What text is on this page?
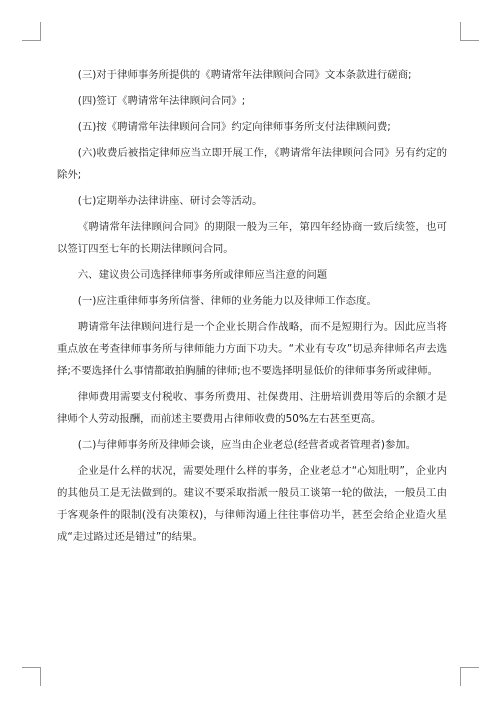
(三)对于律师事务所提供的《聘请常年法律顾问合同》文本条款进行磋商;

(四)签订《聘请常年法律顾问合同》;

(五)按《聘请常年法律顾问合同》约定向律师事务所支付法律顾问费;

(六)收费后被指定律师应当立即开展工作，《聘请常年法律顾问合同》另有约定的除外;

(七)定期举办法律讲座、研讨会等活动。

《聘请常年法律顾问合同》的期限一般为三年，第四年经协商一致后续签，也可以签订四至七年的长期法律顾问合同。

六、建议贵公司选择律师事务所或律师应当注意的问题

(一)应注重律师事务所信誉、律师的业务能力以及律师工作态度。

聘请常年法律顾问进行是一个企业长期合作战略，而不是短期行为。因此应当将重点放在考查律师事务所与律师能力方面下功夫。“术业有专攻”切忌奔律师名声去选择;不要选择什么事情都敢拍胸脯的律师;也不要选择明显低价的律师事务所或律师。

律师费用需要支付税收、事务所费用、社保费用、注册培训费用等后的余额才是律师个人劳动报酬，而前述主要费用占律师收费的50%左右甚至更高。

(二)与律师事务所及律师会谈，应当由企业老总(经营者或者管理者)参加。

企业是什么样的状况，需要处理什么样的事务，企业老总才“心知肚明”，企业内的其他员工是无法做到的。建议不要采取指派一般员工谈第一轮的做法，一般员工由于客观条件的限制(没有决策权)，与律师沟通上往往事倍功半，甚至会给企业造火星成“走过路过还是错过”的结果。
